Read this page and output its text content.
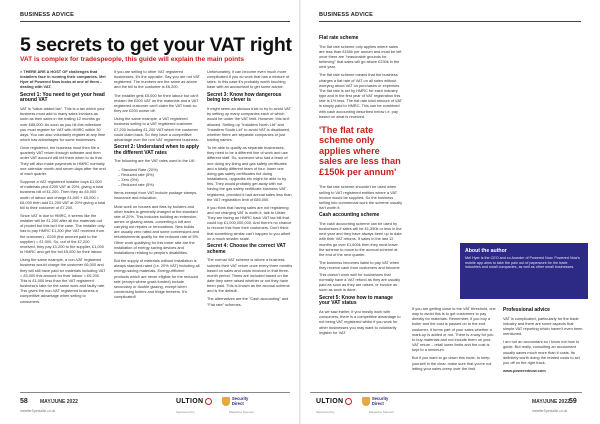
BUSINESS ADVICE	BUSINESS ADVICE
5 secrets to get your VAT right
VAT is complex for tradespeople, this guide will explain the main points

> THERE ARE A HOST OF challenges that installers face in running their companies. Mel Hyer of Powered Now looks at one of them – dealing with VAT.

Secret 1: You need to get your head around VAT

VAT is "value added tax". This is a tax which your business must add to many sales invoices as soon as their sales in the trailing 12 months go over £85,000. As soon as you hit this milestone you must register for VAT with HMRC within 30 days. You can also voluntarily register at any time which has advantages for some businesses.

Once registered, the business must then file a quarterly VAT return through software and then order VAT account will tell them when to do that. They will also make payments to HMRC normally one calendar month and seven days after the end of each quarter.

Suppose a VAT registered installer buys £1,000 of materials plus £200 VAT at 20%, giving a total business bill of £1,200. Then they do £5,000 worth of labour and charge £1,000 + £5,000 = £6,000 then add £1,200 VAT at 20% giving a total bill to their customer of £7,200.

Since VAT is due to HMRC, it seems like the installer will be £1,200 after all the materials out of pocket but this isn't the case. The installer only has to pay HMRC £1,200 (the VAT received from the customer) - £200 (the amount paid to the supplier) = £1,000. So, out of the £7,200 received, they pay £1,200 to the supplier, £1,000 to HMRC and get the full £5,000 for their labour.

Using the same example, a non-VAT registered business would charge the customer £6,000 and they will still have paid for materials including VAT = £5,000 this amount for their labour = £6,200. This is £1,000 less than the VAT registered business's take for the same work and faulty rate. This gives the non-VAT registered business a competitive advantage when selling to consumers.

If you are selling to other VAT registered businesses, it's the opposite. Say you are not VAT registered. The numbers are the same as above and the bill to the customer is £6,200.

The installer gets £5,000 for their labour but can't reclaim the £200 VAT on the materials and a VAT registered customer can't claim the VAT back so they are £200 worse off.

Using the same example, a VAT registered business selling to a VAT registered customer £7,200 including £1,200 VAT which the customer could claim back. So they have a competitive advantage over the non VAT registered business.

Secret 2: Understand when to apply the different VAT rates

The following are the VAT rates used in the UK:

– Standard Rate (20%)
– Reduced rate (5%)
– Zero (0%)
– Reduced rate (5%)

Items exempt from VAT include postage stamps, insurance and education.

Most work on houses and flats by builders and other trades is generally charged at the standard rate of 20%. This includes building an extension, annex or glazing areas, converting a loft and carrying out repairs or renovations. New builds are usually zero rated and some conversions and refurbishments qualify for the reduced rate of 5%. Other work qualifying for this lower rate are the installation of energy saving devices and installations relating to people's disabilities.

But the supply of materials without installation is always standard-rated (i.e. 20% VAT) including all energy-saving materials. Energy-efficient products which are never eligible for the reduced rate (except where grant-funded) include secondary or double glazing, except when condensing boilers and fridge freezers. It's complicated!

Unfortunately, it can become even much more complicated if you do work that has a mixture of rates. In this case it's probably worth touching base with an accountant to get some advice.

Secret 3: Know how dangerous being too clever is

It might seem an obvious trick to try to avoid VAT by setting up many companies each of which would be under the VAT limit. However, this isn't allowed. Setting up "Installers North Ltd" and "Installers South Ltd" to avoid VAT is disallowed, whether there are separate companies or just trading names.

To be able to qualify as separate businesses, they need to be a different line of work and use different staff. So, someone who had a team of one doing dry lining and gas safety certificates and a totally different team of four, lower one doing gas safety certificates but doing installations, upgrades etc might be able to try this. They would probably get away with not having the gas safety certificate business VAT registered, provided it had annual sales less than the VAT registration limit of £85,000.

If you think that having sales are not registering and not charging VAT is worth it, talk to Ulster. They are facing an HMRC back VAT tax bill that could top £1,000,000,000. And there's no chance to recover this from their customers. Don't think that something similar can't happen to you albeit on a much smaller scale.

Secret 4: Choose the correct VAT scheme

The normal VAT scheme is where a business submits their VAT return once every three months based on sales and costs invoiced in that three-month period. Times are included based on the date they were raised whether or not they have been paid. This is known as the accrual scheme and is the default.

The alternatives are the "Cash accounting" and "Flat rate" schemes.

Flat rate scheme

The flat rate scheme only applies where sales are less than £150k per annum and must be left once there are "reasonable grounds for believing" that sales will go above £230k in the next year.

The flat rate scheme means that the business charges a flat rate of VAT on all sales without worrying about VAT on purchases or expenses. The flat rate is set by HMRC for each industry type and in the first year of VAT registration this rate is 1% less. The flat rate total amount of VAT is simply paid to HMRC. This can be combined with cash accounting described below i.e. pay based on what is received.

'The flat rate scheme only applies where sales are less than £150k per annum'

The flat rate scheme shouldn't be used when selling to VAT registered entities where a VAT invoice would be supplied. So the business selling into commercial work the scheme usually isn't worth it.

Cash accounting scheme

The cash accounting scheme can be used by businesses if sales will be £1,350k or less in the next year and they have always been up to date with their VAT returns. If sales in the last 12 months go over £1,600k then they must leave the scheme to move to the accrual scheme at the end of the next quarter.

The business becomes liable to pay VAT when they receive cash from customers and become

This doesn't work well for businesses that normally have a VAT refund as they are usually paid as soon as they are raised, or invoice as soon as work is done.

Secret 5: Know how to manage your VAT status

As we saw earlier, if you mostly work with consumers, there is a competitive advantage to not being VAT registered whilst if you work for other businesses you may want to voluntarily register for VAT.

About the author

Mel Hyer is the CEO and co-founder of Powered Now. Powered Now's mobile app aims to take the pain out of paperwork for the trade industries and small companies, as well as other small businesses.

If you are getting close to the VAT threshold, one way to avoid this is to get customers to pay directly for materials. Remember, if you buy a boiler and the cost is passed on to the end customer, it forms part of your sales whether a mark-up is added or not. There is a way for you to buy materials and not include them on your VAT return – retail lower limits and the cost is kept to a minimum.

But if you want to go down this route, to keep yourself in the clear, make sure that you're not letting your sales creep over the limit.

Professional advice

VAT is complicated, particularly for the trade industry and there are some aspects that simple VAT reporting which haven't even been mentioned.

I am not an accountant so I know not how to guide. But really, consulting an accountant usually saves much more than it costs. Its definitely worth doing the related costs to set you off on the right track.

www.powerednow.com

58	MAY/JUNE 2022
installerSpecialist.co.uk
ULTION	Security
Direct
Sponsored by	Magazine Sponsor
ULTION	Security
Direct
Sponsored by	Magazine Sponsor
MAY/JUNE 2022 59
installerSpecialist.co.uk
